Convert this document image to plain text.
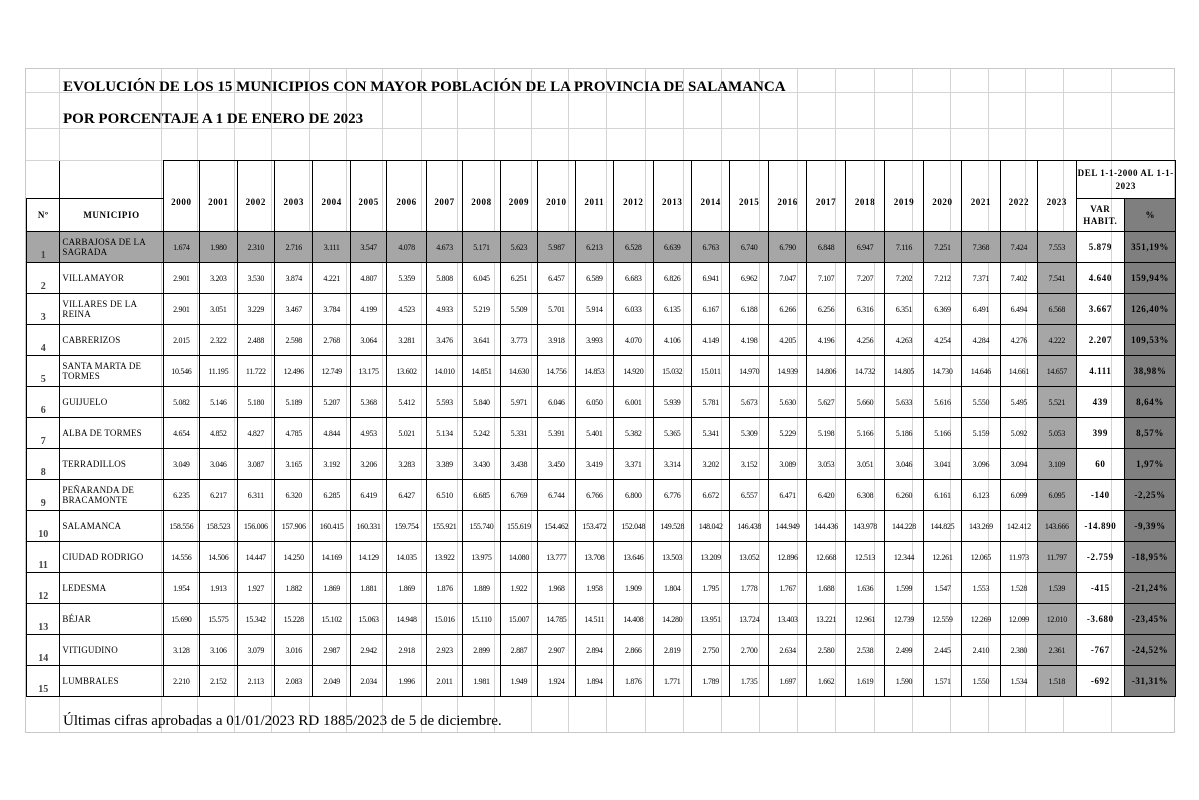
EVOLUCIÓN DE LOS 15 MUNICIPIOS CON MAYOR POBLACIÓN DE LA PROVINCIA DE SALAMANCA
POR PORCENTAJE A 1 DE ENERO DE 2023
		2000	2001	2002	2003	2004	2005	2006	2007	2008	2009	2010	2011	2012	2013	2014	2015	2016	2017	2018	2019	2020	2021	2022	2023	DEL 1-1-2000 AL 1-1-2023	
Nº	MUNICIPIO																									VAR HABIT.	%
1	CARBAJOSA DE LA SAGRADA	1.674	1.980	2.310	2.716	3.111	3.547	4.078	4.673	5.171	5.623	5.987	6.213	6.528	6.639	6.763	6.740	6.790	6.848	6.947	7.116	7.251	7.368	7.424	7.553	5.879	351,19%
2	VILLAMAYOR	2.901	3.203	3.530	3.874	4.221	4.807	5.359	5.808	6.045	6.251	6.457	6.589	6.683	6.826	6.941	6.962	7.047	7.107	7.207	7.202	7.212	7.371	7.402	7.541	4.640	159,94%
3	VILLARES DE LA REINA	2.901	3.051	3.229	3.467	3.784	4.199	4.523	4.933	5.219	5.509	5.701	5.914	6.033	6.135	6.167	6.188	6.266	6.256	6.316	6.351	6.369	6.491	6.494	6.568	3.667	126,40%
4	CABRERIZOS	2.015	2.322	2.488	2.598	2.768	3.064	3.281	3.476	3.641	3.773	3.918	3.993	4.070	4.106	4.149	4.198	4.205	4.196	4.256	4.263	4.254	4.284	4.276	4.222	2.207	109,53%
5	SANTA MARTA DE TORMES	10.546	11.195	11.722	12.496	12.749	13.175	13.602	14.010	14.851	14.630	14.756	14.853	14.920	15.032	15.011	14.970	14.939	14.806	14.732	14.805	14.730	14.646	14.661	14.657	4.111	38,98%
6	GUIJUELO	5.082	5.146	5.180	5.189	5.207	5.368	5.412	5.593	5.840	5.971	6.046	6.050	6.001	5.939	5.781	5.673	5.630	5.627	5.660	5.633	5.616	5.550	5.495	5.521	439	8,64%
7	ALBA DE TORMES	4.654	4.852	4.827	4.785	4.844	4.953	5.021	5.134	5.242	5.331	5.391	5.401	5.382	5.365	5.341	5.309	5.229	5.198	5.166	5.186	5.166	5.159	5.092	5.053	399	8,57%
8	TERRADILLOS	3.049	3.046	3.087	3.165	3.192	3.206	3.283	3.389	3.430	3.438	3.450	3.419	3.371	3.314	3.202	3.152	3.089	3.053	3.051	3.046	3.041	3.096	3.094	3.109	60	1,97%
9	PEÑARANDA DE BRACAMONTE	6.235	6.217	6.311	6.320	6.285	6.419	6.427	6.510	6.685	6.769	6.744	6.766	6.800	6.776	6.672	6.557	6.471	6.420	6.308	6.260	6.161	6.123	6.099	6.095	-140	-2,25%
10	SALAMANCA	158.556	158.523	156.006	157.906	160.415	160.331	159.754	155.921	155.740	155.619	154.462	153.472	152.048	149.528	148.042	146.438	144.949	144.436	143.978	144.228	144.825	143.269	142.412	143.666	-14.890	-9,39%
11	CIUDAD RODRIGO	14.556	14.506	14.447	14.250	14.169	14.129	14.035	13.922	13.975	14.080	13.777	13.708	13.646	13.503	13.209	13.052	12.896	12.668	12.513	12.344	12.261	12.065	11.973	11.797	-2.759	-18,95%
12	LEDESMA	1.954	1.913	1.927	1.882	1.869	1.881	1.869	1.876	1.889	1.922	1.968	1.958	1.909	1.804	1.795	1.778	1.767	1.688	1.636	1.599	1.547	1.553	1.528	1.539	-415	-21,24%
13	BÉJAR	15.690	15.575	15.342	15.228	15.102	15.063	14.948	15.016	15.110	15.007	14.785	14.511	14.408	14.280	13.951	13.724	13.403	13.221	12.961	12.739	12.559	12.269	12.099	12.010	-3.680	-23,45%
14	VITIGUDINO	3.128	3.106	3.079	3.016	2.987	2.942	2.918	2.923	2.899	2.887	2.907	2.894	2.866	2.819	2.750	2.700	2.634	2.580	2.538	2.499	2.445	2.410	2.380	2.361	-767	-24,52%
15	LUMBRALES	2.210	2.152	2.113	2.083	2.049	2.034	1.996	2.011	1.981	1.949	1.924	1.894	1.876	1.771	1.789	1.735	1.697	1.662	1.619	1.590	1.571	1.550	1.534	1.518	-692	-31,31%
Últimas cifras aprobadas a 01/01/2023 RD 1885/2023 de 5 de diciembre.
